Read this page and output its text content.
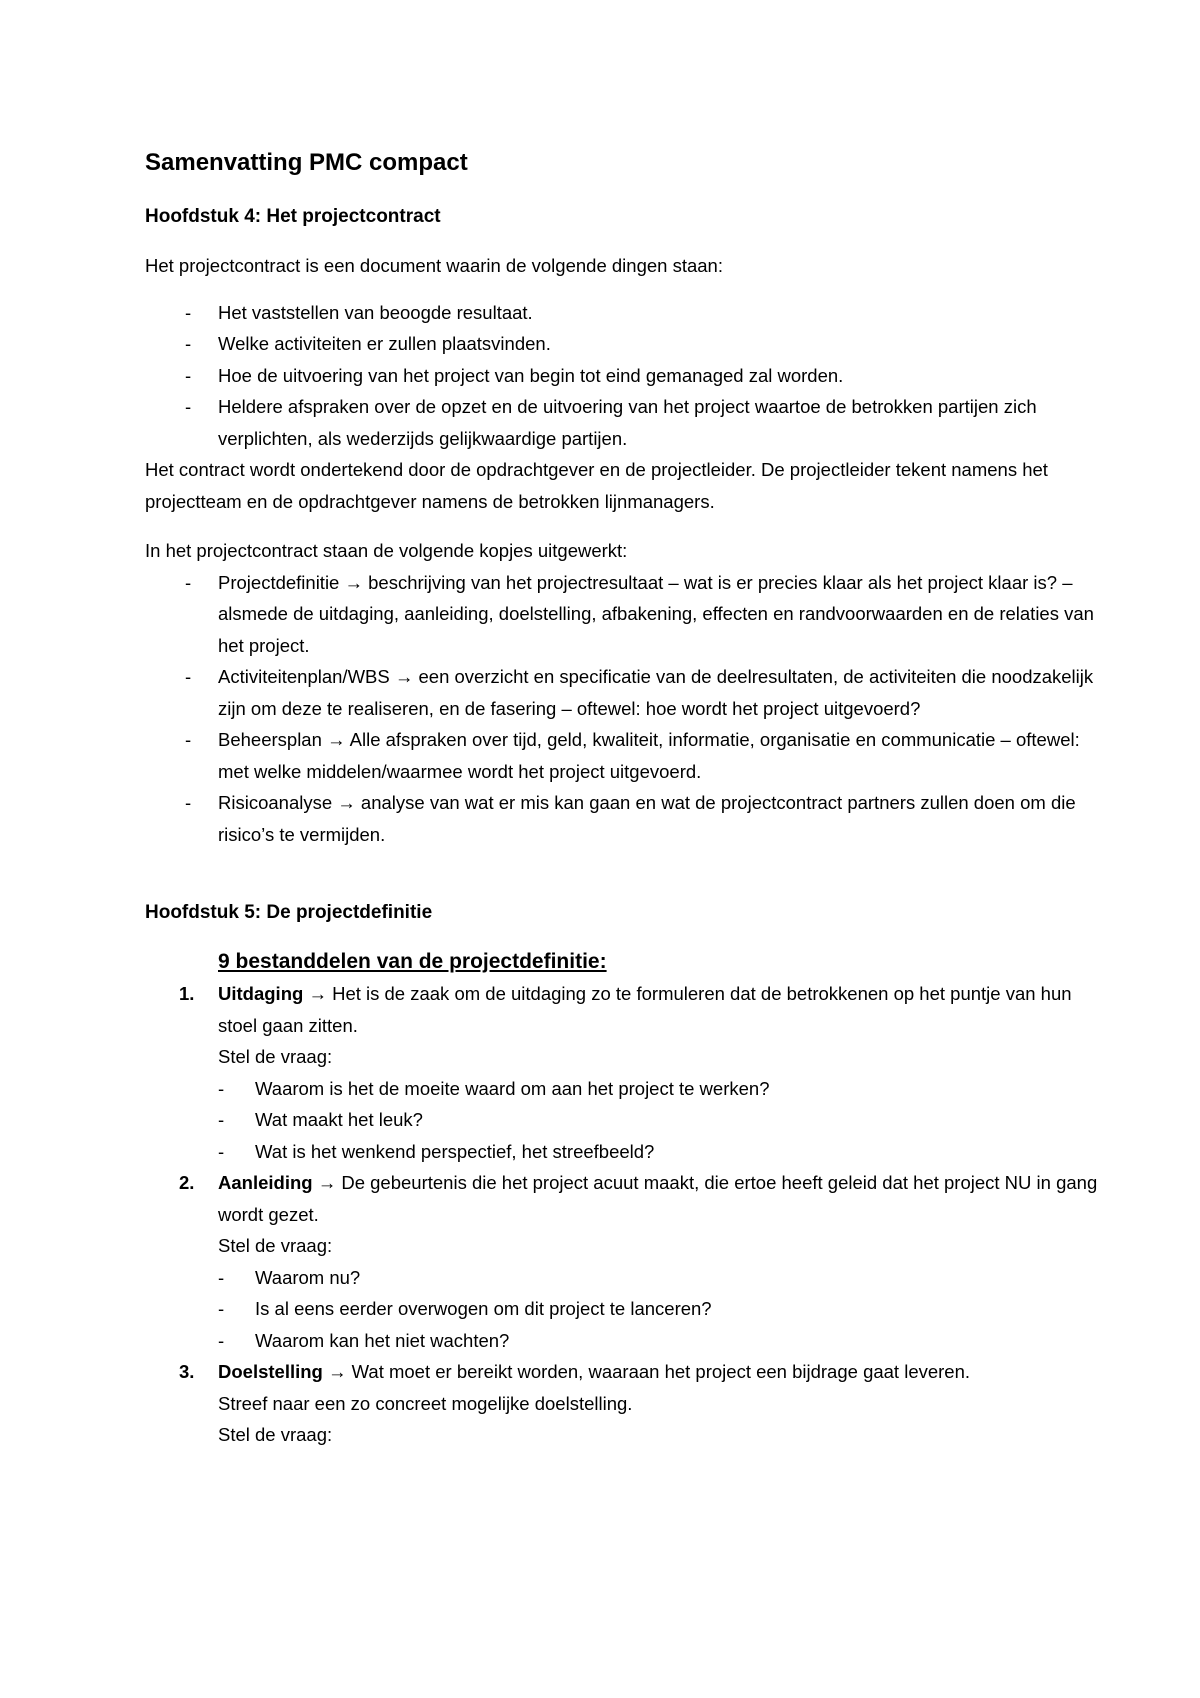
Samenvatting PMC compact
Hoofdstuk 4: Het projectcontract

Het projectcontract is een document waarin de volgende dingen staan:

- Het vaststellen van beoogde resultaat.
- Welke activiteiten er zullen plaatsvinden.
- Hoe de uitvoering van het project van begin tot eind gemanaged zal worden.
- Heldere afspraken over de opzet en de uitvoering van het project waartoe de betrokken partijen zich verplichten, als wederzijds gelijkwaardige partijen.

Het contract wordt ondertekend door de opdrachtgever en de projectleider. De projectleider tekent namens het projectteam en de opdrachtgever namens de betrokken lijnmanagers.

In het projectcontract staan de volgende kopjes uitgewerkt:

- Projectdefinitie → beschrijving van het projectresultaat – wat is er precies klaar als het project klaar is? – alsmede de uitdaging, aanleiding, doelstelling, afbakening, effecten en randvoorwaarden en de relaties van het project.
- Activiteitenplan/WBS → een overzicht en specificatie van de deelresultaten, de activiteiten die noodzakelijk zijn om deze te realiseren, en de fasering – oftewel: hoe wordt het project uitgevoerd?
- Beheersplan → Alle afspraken over tijd, geld, kwaliteit, informatie, organisatie en communicatie – oftewel: met welke middelen/waarmee wordt het project uitgevoerd.
- Risicoanalyse → analyse van wat er mis kan gaan en wat de projectcontract partners zullen doen om die risico’s te vermijden.
Hoofdstuk 5: De projectdefinitie

9 bestanddelen van de projectdefinitie:

1. Uitdaging → Het is de zaak om de uitdaging zo te formuleren dat de betrokkenen op het puntje van hun stoel gaan zitten.
Stel de vraag:
- Waarom is het de moeite waard om aan het project te werken?
- Wat maakt het leuk?
- Wat is het wenkend perspectief, het streefbeeld?
2. Aanleiding → De gebeurtenis die het project acuut maakt, die ertoe heeft geleid dat het project NU in gang wordt gezet.
Stel de vraag:
- Waarom nu?
- Is al eens eerder overwogen om dit project te lanceren?
- Waarom kan het niet wachten?
3. Doelstelling → Wat moet er bereikt worden, waaraan het project een bijdrage gaat leveren.
Streef naar een zo concreet mogelijke doelstelling.
Stel de vraag:
